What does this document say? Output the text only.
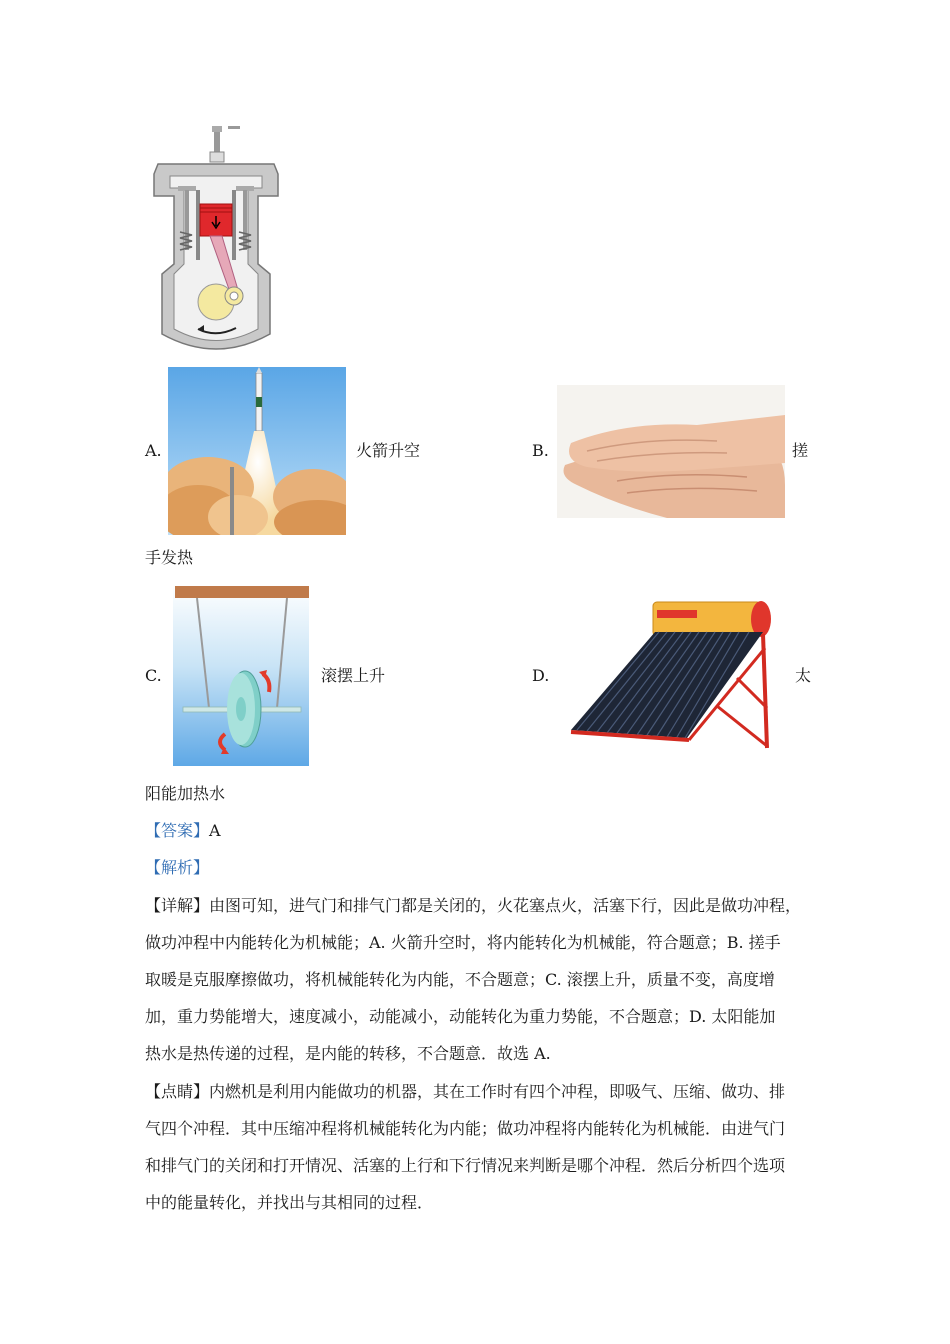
A.	火箭升空	B.	搓
手发热
C.	滚摆上升	D.	太
阳能加热水
【答案】A
【解析】
【详解】由图可知，进气门和排气门都是关闭的，火花塞点火，活塞下行，因此是做功冲程，
做功冲程中内能转化为机械能；A. 火箭升空时，将内能转化为机械能，符合题意；B. 搓手
取暖是克服摩擦做功，将机械能转化为内能，不合题意；C. 滚摆上升，质量不变，高度增
加，重力势能增大，速度减小，动能减小，动能转化为重力势能，不合题意；D. 太阳能加
热水是热传递的过程，是内能的转移，不合题意．故选 A.
【点睛】内燃机是利用内能做功的机器，其在工作时有四个冲程，即吸气、压缩、做功、排
气四个冲程．其中压缩冲程将机械能转化为内能；做功冲程将内能转化为机械能．由进气门
和排气门的关闭和打开情况、活塞的上行和下行情况来判断是哪个冲程．然后分析四个选项
中的能量转化，并找出与其相同的过程．
